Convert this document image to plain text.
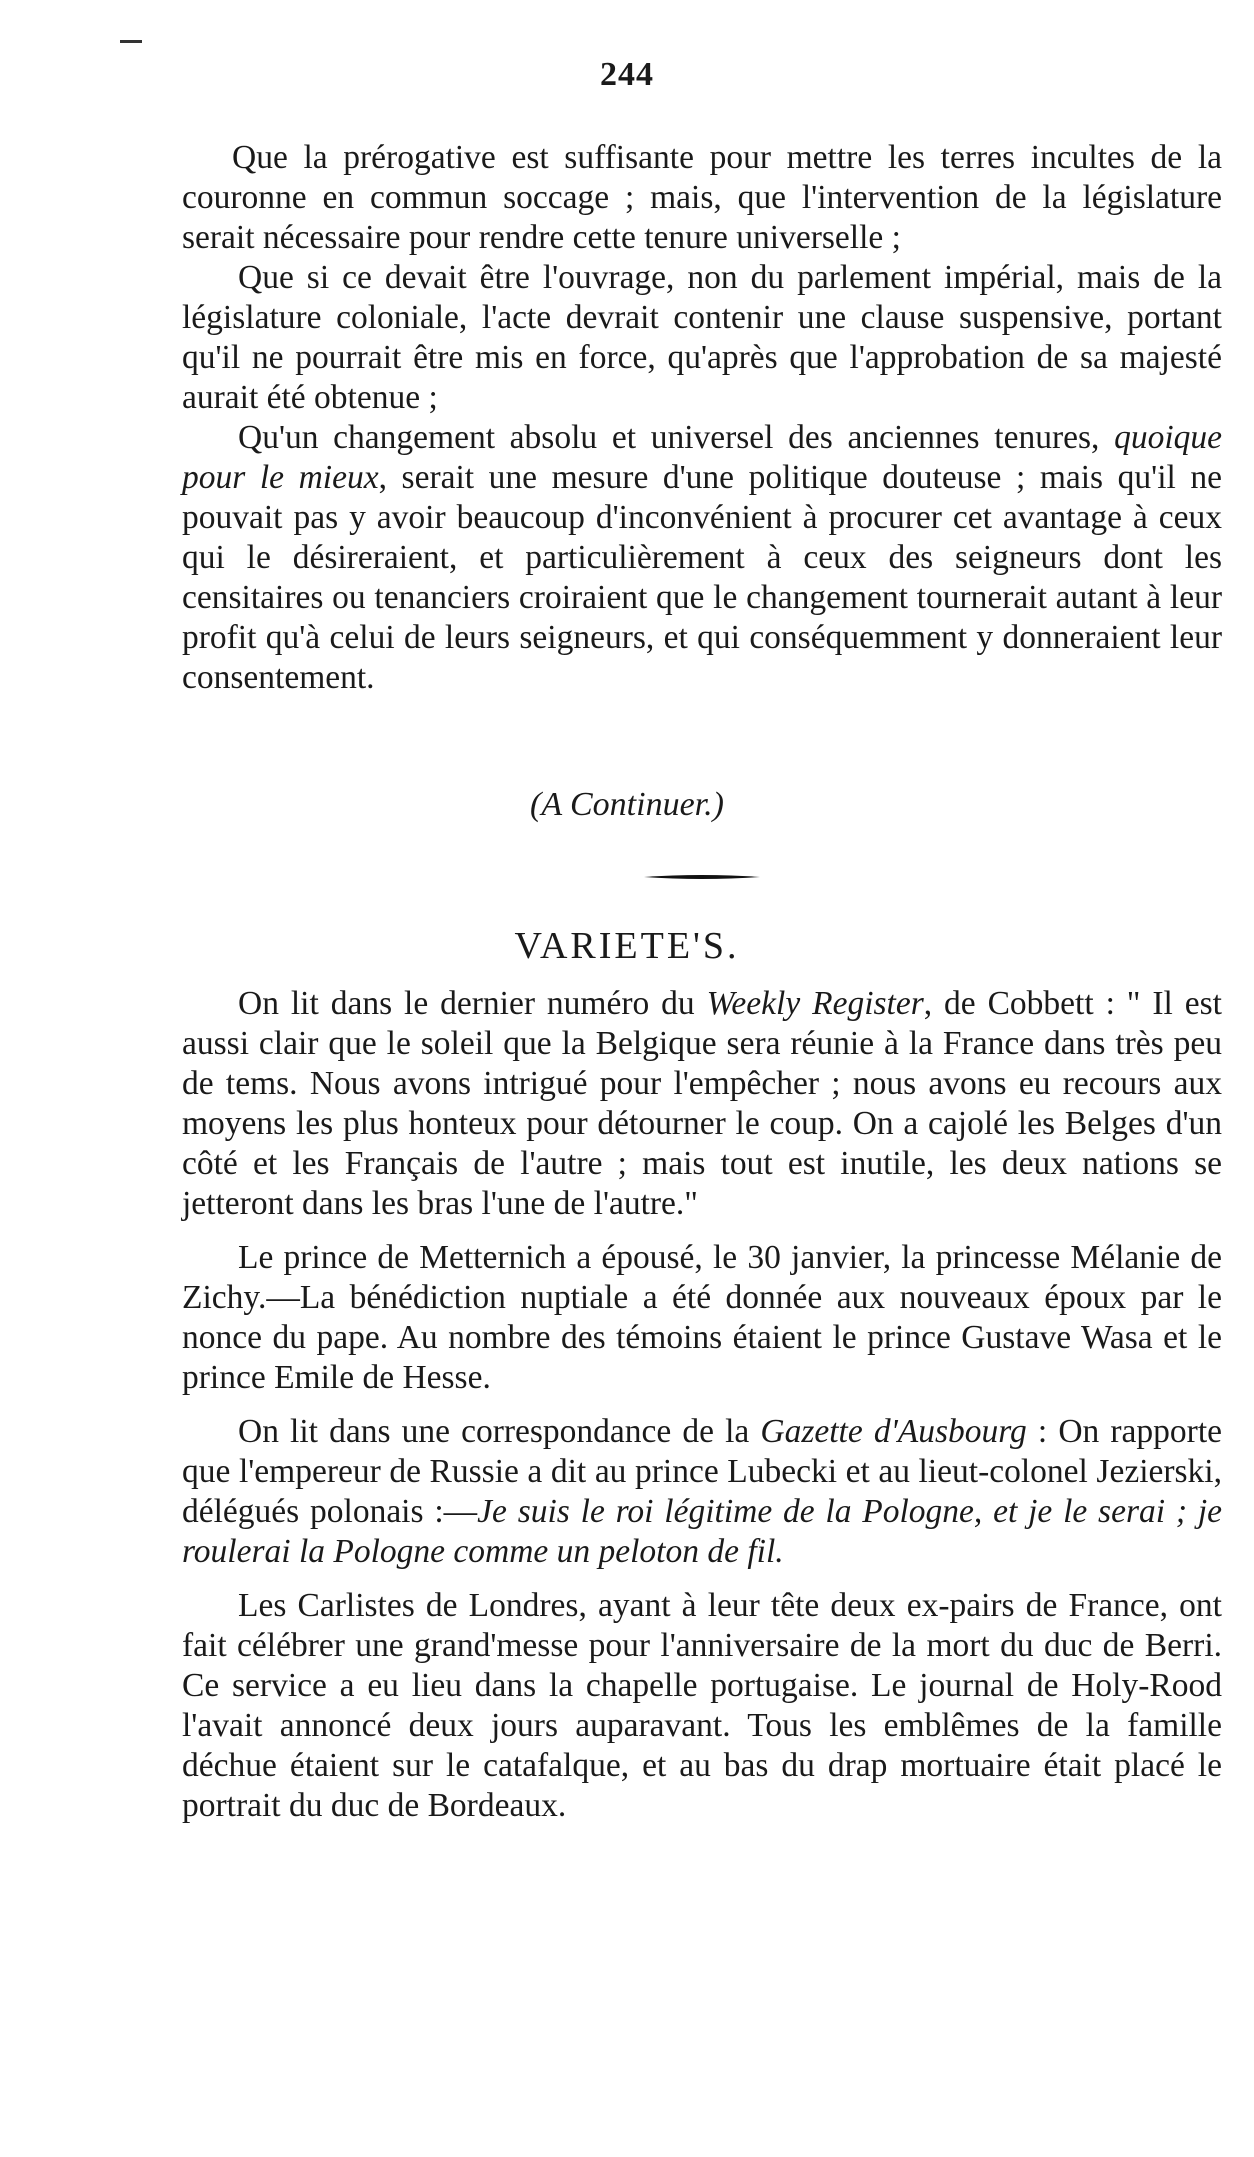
244

Que la prérogative est suffisante pour mettre les terres incultes de la couronne en commun soccage ; mais, que l'intervention de la législature serait nécessaire pour rendre cette tenure universelle ;

Que si ce devait être l'ouvrage, non du parlement impérial, mais de la législature coloniale, l'acte devrait contenir une clause suspensive, portant qu'il ne pourrait être mis en force, qu'après que l'approbation de sa majesté aurait été obtenue ;

Qu'un changement absolu et universel des anciennes tenures, quoique pour le mieux, serait une mesure d'une politique douteuse ; mais qu'il ne pouvait pas y avoir beaucoup d'inconvénient à procurer cet avantage à ceux qui le désireraient, et particulièrement à ceux des seigneurs dont les censitaires ou tenanciers croiraient que le changement tournerait autant à leur profit qu'à celui de leurs seigneurs, et qui conséquemment y donneraient leur consentement.

(A Continuer.)
VARIETE'S.

On lit dans le dernier numéro du Weekly Register, de Cobbett : " Il est aussi clair que le soleil que la Belgique sera réunie à la France dans très peu de tems. Nous avons intrigué pour l'empêcher ; nous avons eu recours aux moyens les plus honteux pour détourner le coup. On a cajolé les Belges d'un côté et les Français de l'autre ; mais tout est inutile, les deux nations se jetteront dans les bras l'une de l'autre."

Le prince de Metternich a épousé, le 30 janvier, la princesse Mélanie de Zichy.—La bénédiction nuptiale a été donnée aux nouveaux époux par le nonce du pape. Au nombre des témoins étaient le prince Gustave Wasa et le prince Emile de Hesse.

On lit dans une correspondance de la Gazette d'Ausbourg : On rapporte que l'empereur de Russie a dit au prince Lubecki et au lieut-colonel Jezierski, délégués polonais :—Je suis le roi légitime de la Pologne, et je le serai ; je roulerai la Pologne comme un peloton de fil.

Les Carlistes de Londres, ayant à leur tête deux ex-pairs de France, ont fait célébrer une grand'messe pour l'anniversaire de la mort du duc de Berri. Ce service a eu lieu dans la chapelle portugaise. Le journal de Holy-Rood l'avait annoncé deux jours auparavant. Tous les emblêmes de la famille déchue étaient sur le catafalque, et au bas du drap mortuaire était placé le portrait du duc de Bordeaux.
